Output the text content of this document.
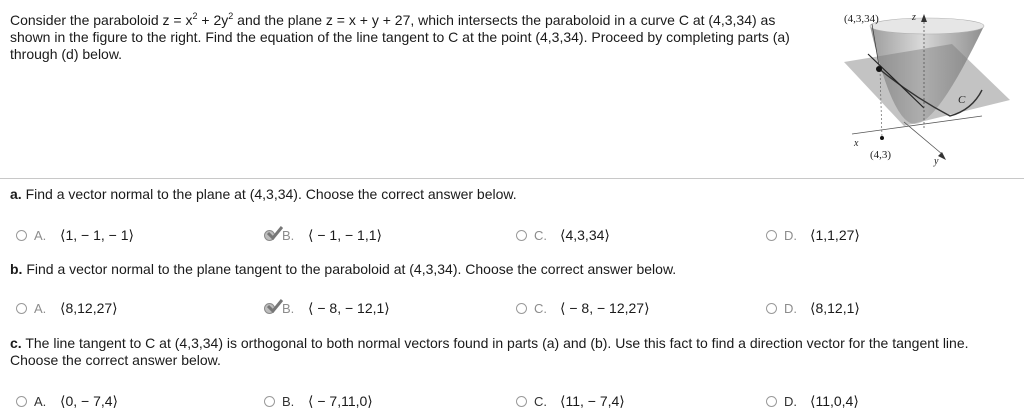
Consider the paraboloid $z = x^2 + 2y^2$ and the plane z = x + y + 27, which intersects the paraboloid in a curve C at (4,3,34) as shown in the figure to the right. Find the equation of the line tangent to C at the point (4,3,34). Proceed by completing parts (a) through (d) below.
(4,3,34)	z
C
x
y
(4,3)
a. Find a vector normal to the plane at (4,3,34). Choose the correct answer below.
A. ⟨1, − 1, − 1⟩	B. ⟨ − 1, − 1,1⟩	C. ⟨4,3,34⟩	D. ⟨1,1,27⟩
b. Find a vector normal to the plane tangent to the paraboloid at (4,3,34). Choose the correct answer below.
A. ⟨8,12,27⟩	B. ⟨ − 8, − 12,1⟩	C. ⟨ − 8, − 12,27⟩	D. ⟨8,12,1⟩
c. The line tangent to C at (4,3,34) is orthogonal to both normal vectors found in parts (a) and (b). Use this fact to find a direction vector for the tangent line. Choose the correct answer below.
A. ⟨0, − 7,4⟩	B. ⟨ − 7,11,0⟩	C. ⟨11, − 7,4⟩	D. ⟨11,0,4⟩
